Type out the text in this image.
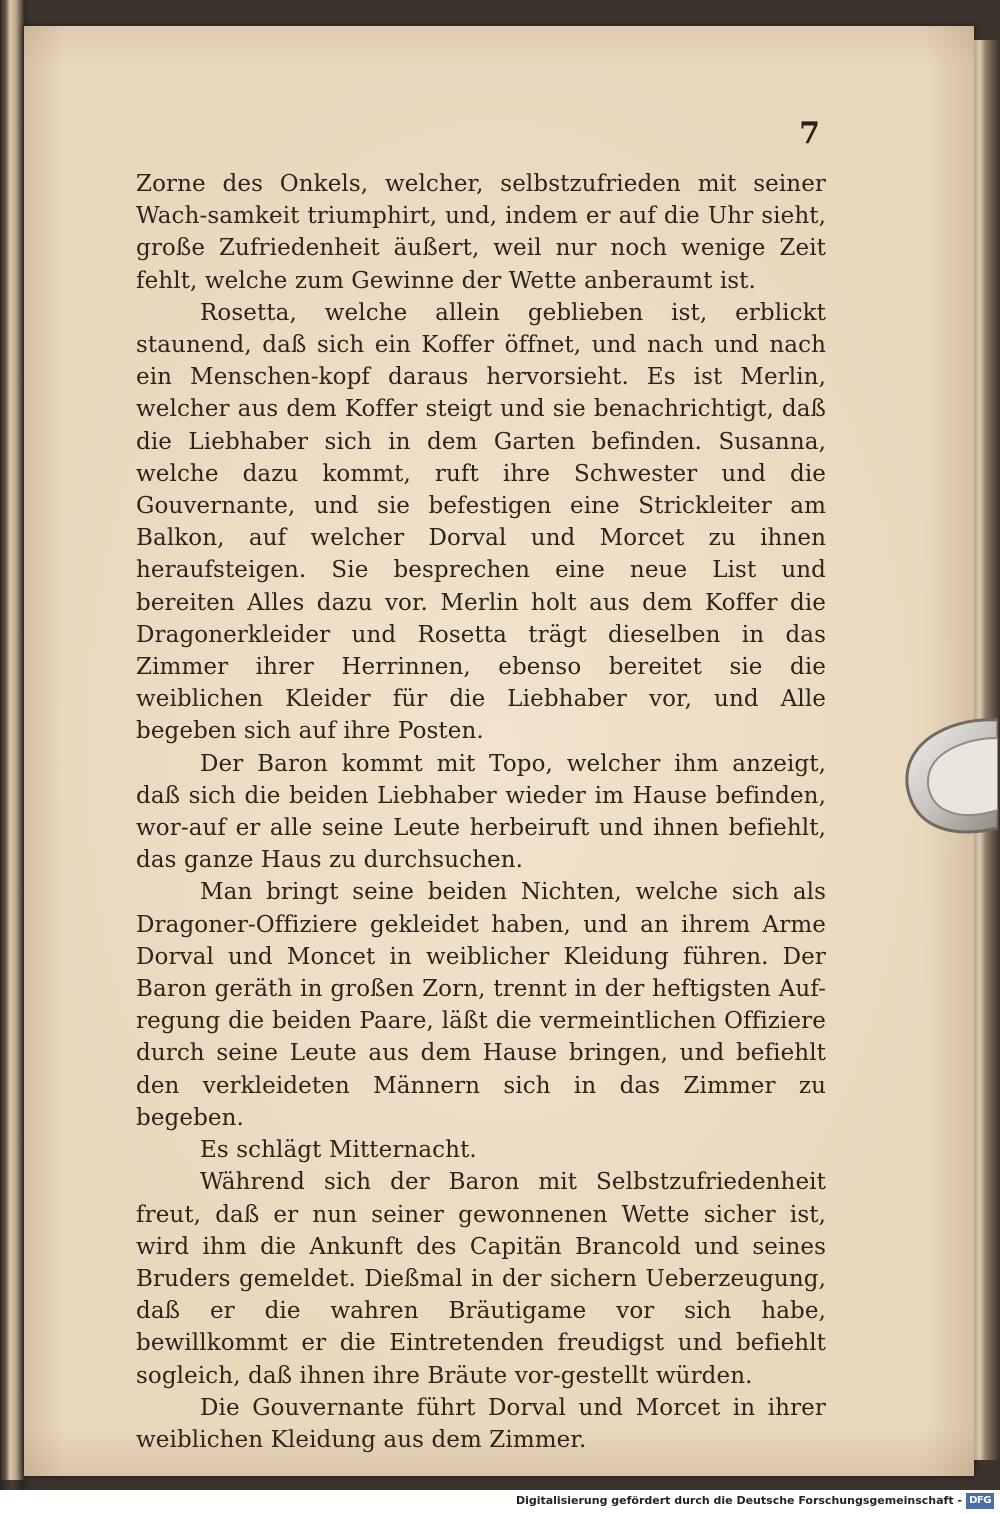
7

Zorne des Onkels, welcher, selbstzufrieden mit seiner Wach-samkeit triumphirt, und, indem er auf die Uhr sieht, große Zufriedenheit äußert, weil nur noch wenige Zeit fehlt, welche zum Gewinne der Wette anberaumt ist.

Rosetta, welche allein geblieben ist, erblickt staunend, daß sich ein Koffer öffnet, und nach und nach ein Menschen-kopf daraus hervorsieht. Es ist Merlin, welcher aus dem Koffer steigt und sie benachrichtigt, daß die Liebhaber sich in dem Garten befinden. Susanna, welche dazu kommt, ruft ihre Schwester und die Gouvernante, und sie befestigen eine Strickleiter am Balkon, auf welcher Dorval und Morcet zu ihnen heraufsteigen. Sie besprechen eine neue List und bereiten Alles dazu vor. Merlin holt aus dem Koffer die Dragonerkleider und Rosetta trägt dieselben in das Zimmer ihrer Herrinnen, ebenso bereitet sie die weiblichen Kleider für die Liebhaber vor, und Alle begeben sich auf ihre Posten.

Der Baron kommt mit Topo, welcher ihm anzeigt, daß sich die beiden Liebhaber wieder im Hause befinden, wor-auf er alle seine Leute herbeiruft und ihnen befiehlt, das ganze Haus zu durchsuchen.

Man bringt seine beiden Nichten, welche sich als Dragoner-Offiziere gekleidet haben, und an ihrem Arme Dorval und Moncet in weiblicher Kleidung führen. Der Baron geräth in großen Zorn, trennt in der heftigsten Auf-regung die beiden Paare, läßt die vermeintlichen Offiziere durch seine Leute aus dem Hause bringen, und befiehlt den verkleideten Männern sich in das Zimmer zu begeben.

Es schlägt Mitternacht.

Während sich der Baron mit Selbstzufriedenheit freut, daß er nun seiner gewonnenen Wette sicher ist, wird ihm die Ankunft des Capitän Brancold und seines Bruders gemeldet. Dießmal in der sichern Ueberzeugung, daß er die wahren Bräutigame vor sich habe, bewillkommt er die Eintretenden freudigst und befiehlt sogleich, daß ihnen ihre Bräute vor-gestellt würden.

Die Gouvernante führt Dorval und Morcet in ihrer weiblichen Kleidung aus dem Zimmer.

Digitalisierung gefördert durch die Deutsche Forschungsgemeinschaft - DFG
